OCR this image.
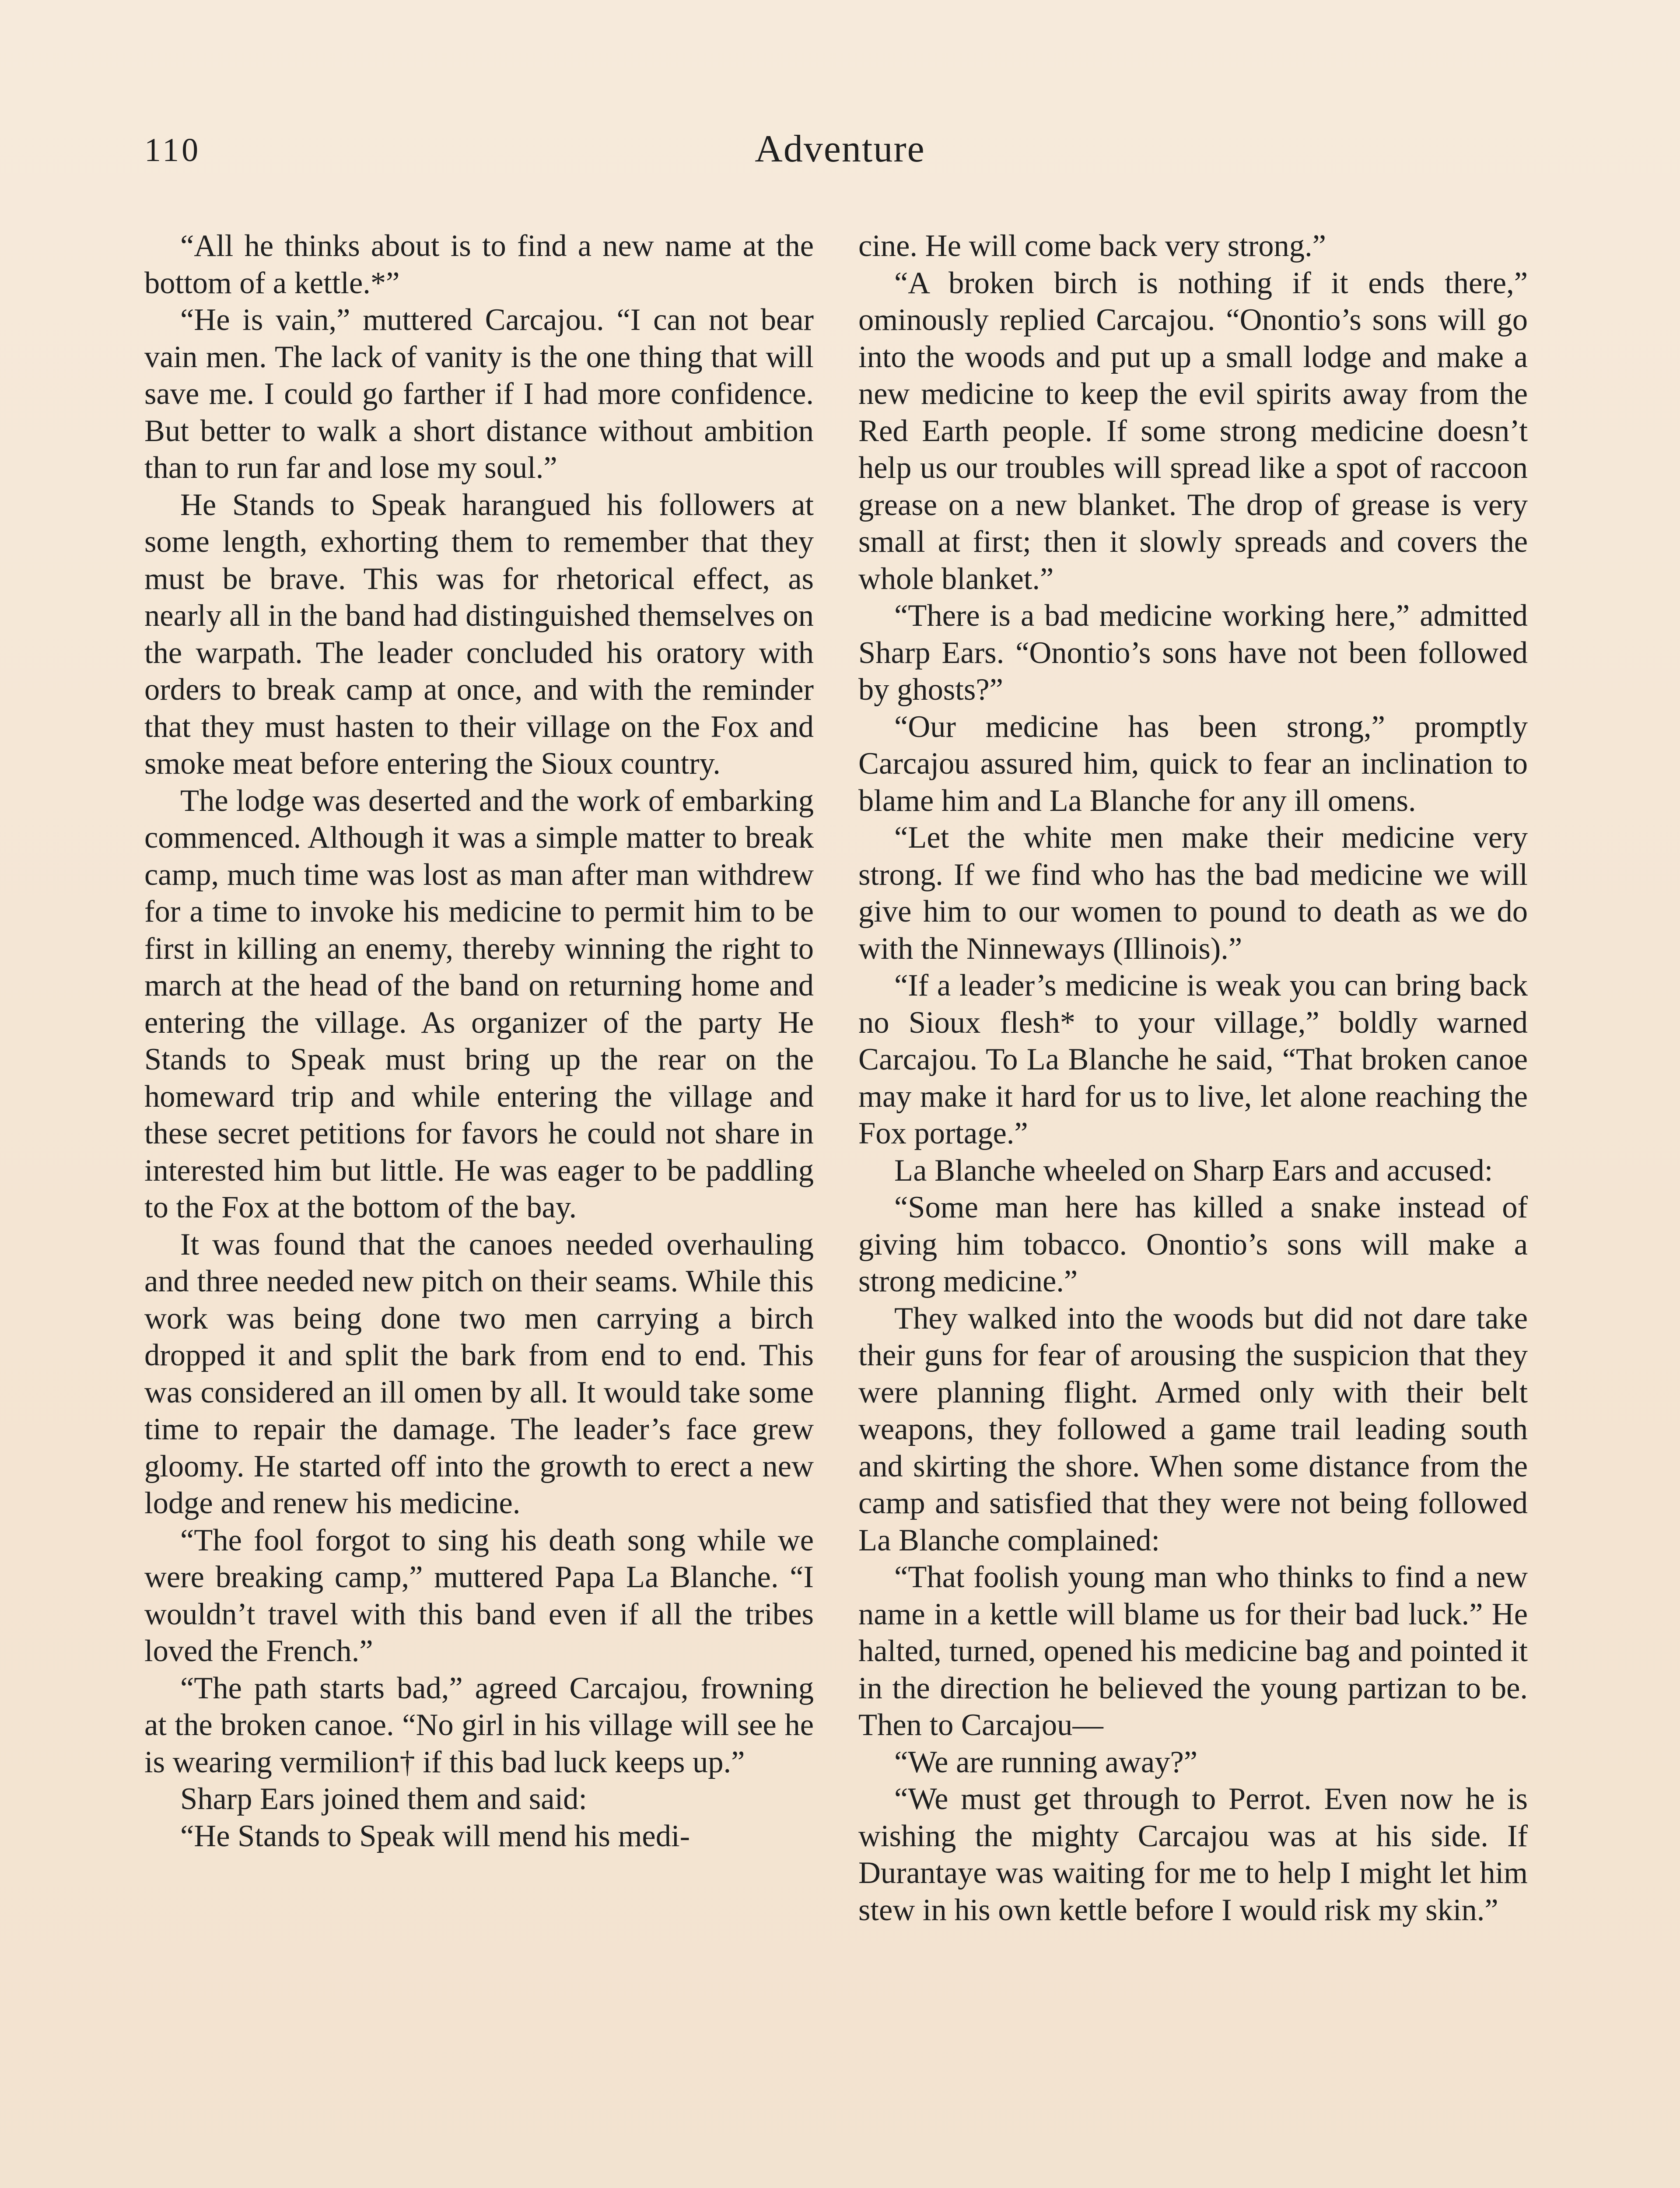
110	Adventure

“All he thinks about is to find a new name at the bottom of a kettle.*”

“He is vain,” muttered Carcajou. “I can not bear vain men. The lack of vanity is the one thing that will save me. I could go farther if I had more confidence. But better to walk a short distance without ambition than to run far and lose my soul.”

He Stands to Speak harangued his followers at some length, exhorting them to remember that they must be brave. This was for rhetorical effect, as nearly all in the band had distinguished themselves on the warpath. The leader concluded his oratory with orders to break camp at once, and with the reminder that they must hasten to their village on the Fox and smoke meat before entering the Sioux country.

The lodge was deserted and the work of embarking commenced. Although it was a simple matter to break camp, much time was lost as man after man withdrew for a time to invoke his medicine to permit him to be first in killing an enemy, thereby winning the right to march at the head of the band on returning home and entering the village. As organizer of the party He Stands to Speak must bring up the rear on the homeward trip and while entering the village and these secret petitions for favors he could not share in interested him but little. He was eager to be paddling to the Fox at the bottom of the bay.

It was found that the canoes needed overhauling and three needed new pitch on their seams. While this work was being done two men carrying a birch dropped it and split the bark from end to end. This was considered an ill omen by all. It would take some time to repair the damage. The leader’s face grew gloomy. He started off into the growth to erect a new lodge and renew his medicine.

“The fool forgot to sing his death song while we were breaking camp,” muttered Papa La Blanche. “I wouldn’t travel with this band even if all the tribes loved the French.”

“The path starts bad,” agreed Carcajou, frowning at the broken canoe. “No girl in his village will see he is wearing vermilion† if this bad luck keeps up.”

Sharp Ears joined them and said:

“He Stands to Speak will mend his medi-

cine. He will come back very strong.”

“A broken birch is nothing if it ends there,” ominously replied Carcajou. “Onontio’s sons will go into the woods and put up a small lodge and make a new medicine to keep the evil spirits away from the Red Earth people. If some strong medicine doesn’t help us our troubles will spread like a spot of raccoon grease on a new blanket. The drop of grease is very small at first; then it slowly spreads and covers the whole blanket.”

“There is a bad medicine working here,” admitted Sharp Ears. “Onontio’s sons have not been followed by ghosts?”

“Our medicine has been strong,” promptly Carcajou assured him, quick to fear an inclination to blame him and La Blanche for any ill omens.

“Let the white men make their medicine very strong. If we find who has the bad medicine we will give him to our women to pound to death as we do with the Ninneways (Illinois).”

“If a leader’s medicine is weak you can bring back no Sioux flesh* to your village,” boldly warned Carcajou. To La Blanche he said, “That broken canoe may make it hard for us to live, let alone reaching the Fox portage.”

La Blanche wheeled on Sharp Ears and accused:

“Some man here has killed a snake instead of giving him tobacco. Onontio’s sons will make a strong medicine.”

They walked into the woods but did not dare take their guns for fear of arousing the suspicion that they were planning flight. Armed only with their belt weapons, they followed a game trail leading south and skirting the shore. When some distance from the camp and satisfied that they were not being followed La Blanche complained:

“That foolish young man who thinks to find a new name in a kettle will blame us for their bad luck.” He halted, turned, opened his medicine bag and pointed it in the direction he believed the young partizan to be. Then to Carcajou—

“We are running away?”

“We must get through to Perrot. Even now he is wishing the mighty Carcajou was at his side. If Durantaye was waiting for me to help I might let him stew in his own kettle before I would risk my skin.”
